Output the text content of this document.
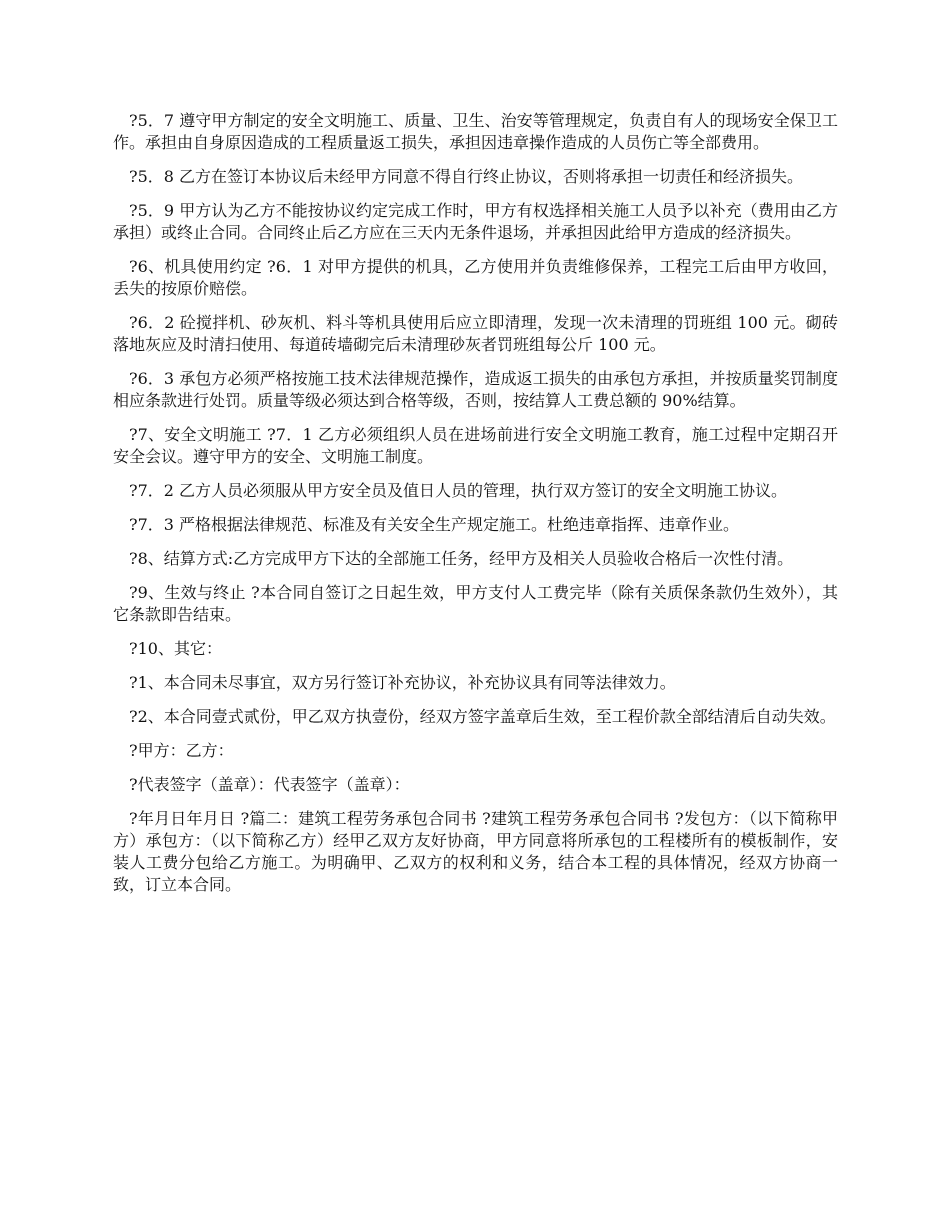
?5．7 遵守甲方制定的安全文明施工、质量、卫生、治安等管理规定，负责自有人的现场安全保卫工作。承担由自身原因造成的工程质量返工损失，承担因违章操作造成的人员伤亡等全部费用。

?5．8 乙方在签订本协议后未经甲方同意不得自行终止协议，否则将承担一切责任和经济损失。

?5．9 甲方认为乙方不能按协议约定完成工作时，甲方有权选择相关施工人员予以补充（费用由乙方承担）或终止合同。合同终止后乙方应在三天内无条件退场，并承担因此给甲方造成的经济损失。

?6、机具使用约定 ?6．1 对甲方提供的机具，乙方使用并负责维修保养，工程完工后由甲方收回，丢失的按原价赔偿。

?6．2 砼搅拌机、砂灰机、料斗等机具使用后应立即清理，发现一次未清理的罚班组 100 元。砌砖落地灰应及时清扫使用、每道砖墙砌完后未清理砂灰者罚班组每公斤 100 元。

?6．3 承包方必须严格按施工技术法律规范操作，造成返工损失的由承包方承担，并按质量奖罚制度相应条款进行处罚。质量等级必须达到合格等级，否则，按结算人工费总额的 90%结算。

?7、安全文明施工 ?7．1 乙方必须组织人员在进场前进行安全文明施工教育，施工过程中定期召开安全会议。遵守甲方的安全、文明施工制度。

?7．2 乙方人员必须服从甲方安全员及值日人员的管理，执行双方签订的安全文明施工协议。

?7．3 严格根据法律规范、标准及有关安全生产规定施工。杜绝违章指挥、违章作业。

?8、结算方式:乙方完成甲方下达的全部施工任务，经甲方及相关人员验收合格后一次性付清。

?9、生效与终止 ?本合同自签订之日起生效，甲方支付人工费完毕（除有关质保条款仍生效外），其它条款即告结束。

?10、其它：

?1、本合同未尽事宜，双方另行签订补充协议，补充协议具有同等法律效力。

?2、本合同壹式贰份，甲乙双方执壹份，经双方签字盖章后生效，至工程价款全部结清后自动失效。

?甲方：乙方：

?代表签字（盖章）：代表签字（盖章）：

?年月日年月日 ?篇二：建筑工程劳务承包合同书 ?建筑工程劳务承包合同书 ?发包方：（以下简称甲方）承包方：（以下简称乙方）经甲乙双方友好协商，甲方同意将所承包的工程楼所有的模板制作，安装人工费分包给乙方施工。为明确甲、乙双方的权利和义务，结合本工程的具体情况，经双方协商一致，订立本合同。
